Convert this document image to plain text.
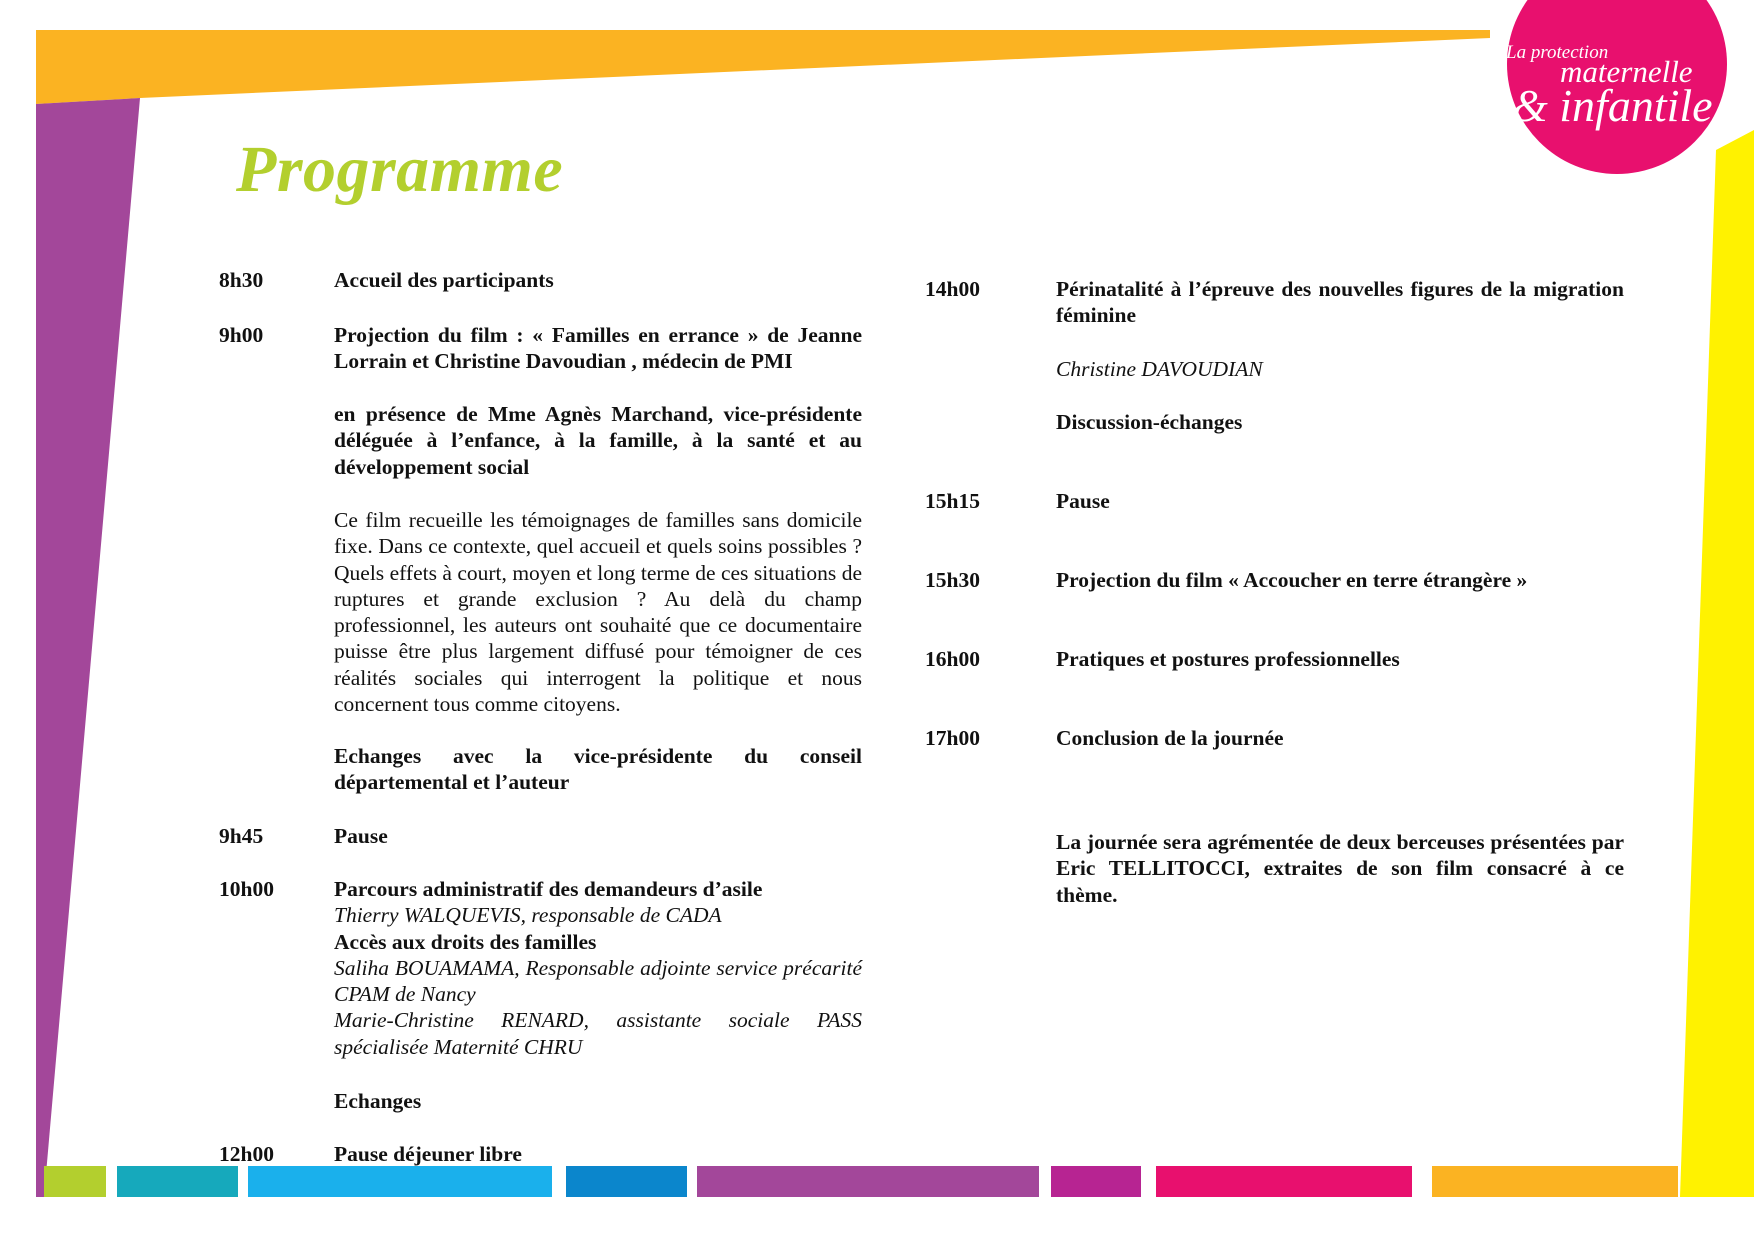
La protection
maternelle
& infantile
Programme
8h30	Accueil des participants

9h00	Projection du film : « Familles en errance » de Jeanne Lorrain et Christine Davoudian , médecin de PMI

en présence de Mme Agnès Marchand, vice-présidente déléguée à l’enfance, à la famille, à la santé et au développement social

Ce film recueille les témoignages de familles sans domicile fixe. Dans ce contexte, quel accueil et quels soins possibles ? Quels effets à court, moyen et long terme de ces situations de ruptures et grande exclusion ? Au delà du champ professionnel, les auteurs ont souhaité que ce documentaire puisse être plus largement diffusé pour témoigner de ces réalités sociales qui interrogent la politique et nous concernent tous comme citoyens.

Echanges avec la vice-présidente du conseil départemental et l’auteur

9h45	Pause

10h00	Parcours administratif des demandeurs d’asile

Thierry WALQUEVIS, responsable de CADA

Accès aux droits des familles

Saliha BOUAMAMA, Responsable adjointe service précarité CPAM de Nancy

Marie-Christine RENARD, assistante sociale PASS spécialisée Maternité CHRU

Echanges

12h00	Pause déjeuner libre

14h00	Périnatalité à l’épreuve des nouvelles figures de la migration féminine

Christine DAVOUDIAN

Discussion-échanges

15h15	Pause

15h30	Projection du film « Accoucher en terre étrangère »

16h00	Pratiques et postures professionnelles

17h00	Conclusion de la journée

La journée sera agrémentée de deux berceuses présentées par Eric TELLITOCCI, extraites de son film consacré à ce thème.
